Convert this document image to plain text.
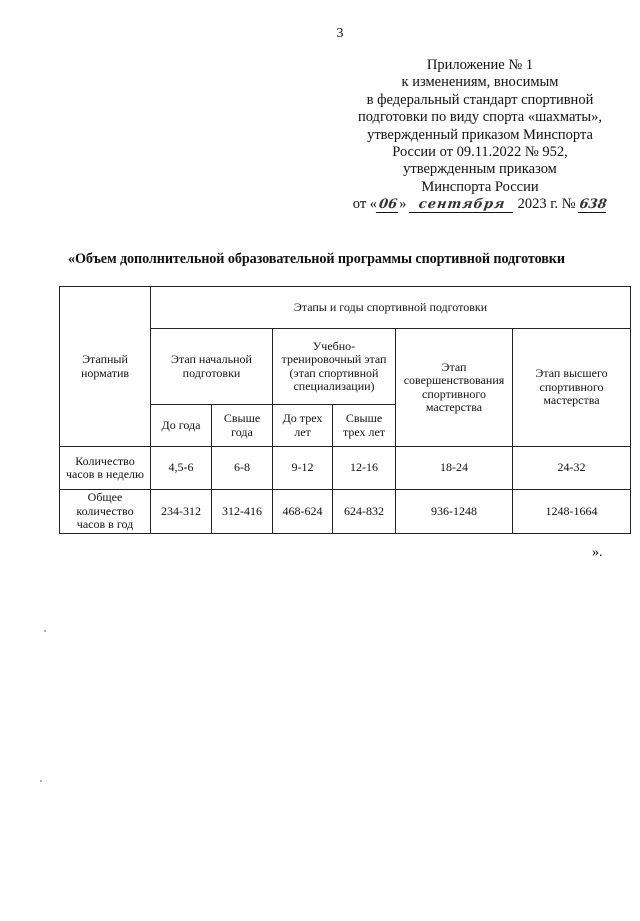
3
Приложение № 1
к изменениям, вносимым
в федеральный стандарт спортивной
подготовки по виду спорта «шахматы»,
утвержденный приказом Минспорта
России от 09.11.2022 № 952,
утвержденным приказом
Минспорта России
от «06» сентября 2023 г. № 638
«Объем дополнительной образовательной программы спортивной подготовки
Этапный норматив	Этапы и годы спортивной подготовки					
	Этап начальной подготовки		Учебно-тренировочный этап (этап спортивной специализации)		Этап совершенствования спортивного мастерства	Этап высшего спортивного мастерства
	До года	Свыше года	До трех лет	Свыше трех лет		
Количество часов в неделю	4,5-6	6-8	9-12	12-16	18-24	24-32
Общее количество часов в год	234-312	312-416	468-624	624-832	936-1248	1248-1664
».
